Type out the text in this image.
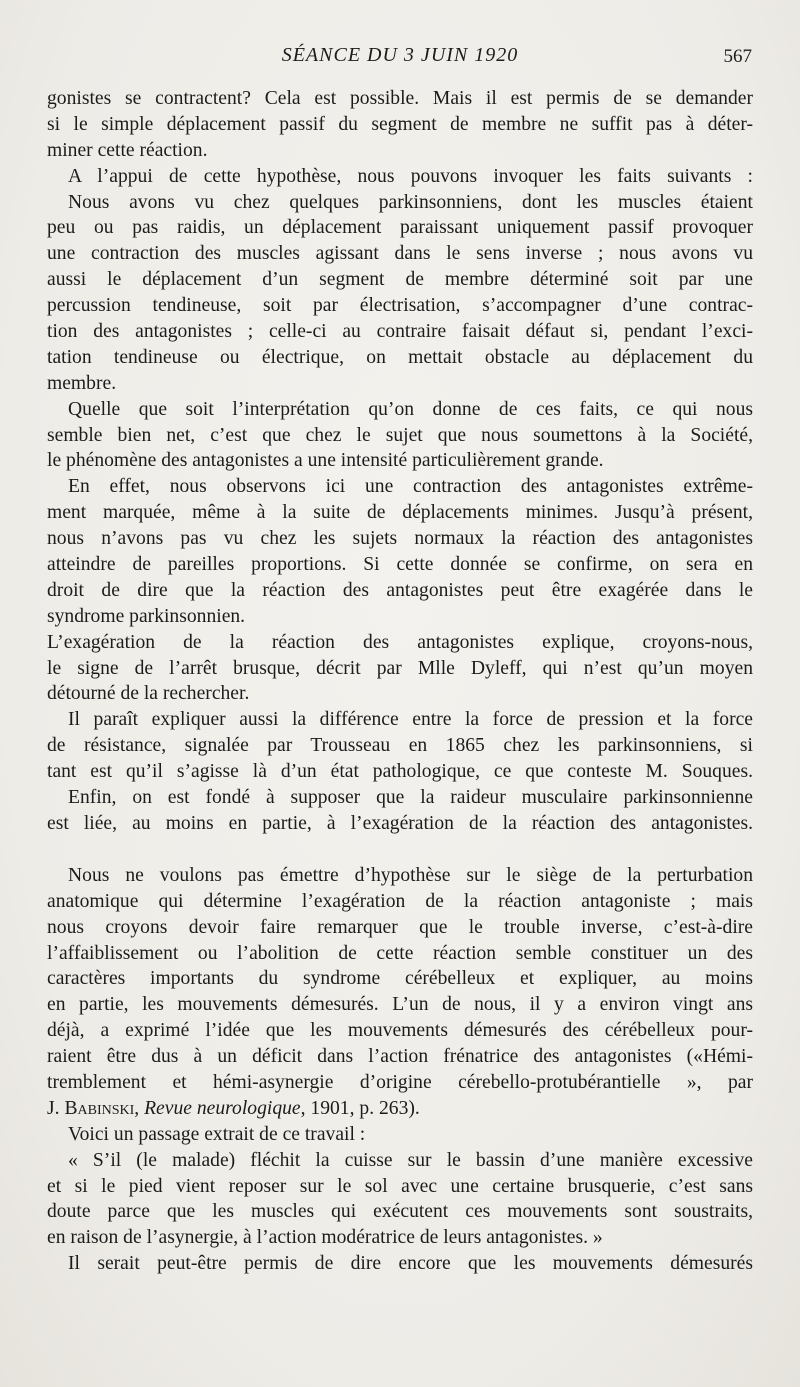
SÉANCE DU 3 JUIN 1920	567
gonistes se contractent? Cela est possible. Mais il est permis de se demander
si le simple déplacement passif du segment de membre ne suffit pas à déter-
miner cette réaction.
A l’appui de cette hypothèse, nous pouvons invoquer les faits suivants :
Nous avons vu chez quelques parkinsonniens, dont les muscles étaient
peu ou pas raidis, un déplacement paraissant uniquement passif provoquer
une contraction des muscles agissant dans le sens inverse ; nous avons vu
aussi le déplacement d’un segment de membre déterminé soit par une
percussion tendineuse, soit par électrisation, s’accompagner d’une contrac-
tion des antagonistes ; celle-ci au contraire faisait défaut si, pendant l’exci-
tation tendineuse ou électrique, on mettait obstacle au déplacement du
membre.
Quelle que soit l’interprétation qu’on donne de ces faits, ce qui nous
semble bien net, c’est que chez le sujet que nous soumettons à la Société,
le phénomène des antagonistes a une intensité particulièrement grande.
En effet, nous observons ici une contraction des antagonistes extrême-
ment marquée, même à la suite de déplacements minimes. Jusqu’à présent,
nous n’avons pas vu chez les sujets normaux la réaction des antagonistes
atteindre de pareilles proportions. Si cette donnée se confirme, on sera en
droit de dire que la réaction des antagonistes peut être exagérée dans le
syndrome parkinsonnien.
L’exagération de la réaction des antagonistes explique, croyons-nous,
le signe de l’arrêt brusque, décrit par Mlle Dyleff, qui n’est qu’un moyen
détourné de la rechercher.
Il paraît expliquer aussi la différence entre la force de pression et la force
de résistance, signalée par Trousseau en 1865 chez les parkinsonniens, si
tant est qu’il s’agisse là d’un état pathologique, ce que conteste M. Souques.
Enfin, on est fondé à supposer que la raideur musculaire parkinsonnienne
est liée, au moins en partie, à l’exagération de la réaction des antagonistes.
Nous ne voulons pas émettre d’hypothèse sur le siège de la perturbation
anatomique qui détermine l’exagération de la réaction antagoniste ; mais
nous croyons devoir faire remarquer que le trouble inverse, c’est-à-dire
l’affaiblissement ou l’abolition de cette réaction semble constituer un des
caractères importants du syndrome cérébelleux et expliquer, au moins
en partie, les mouvements démesurés. L’un de nous, il y a environ vingt ans
déjà, a exprimé l’idée que les mouvements démesurés des cérébelleux pour-
raient être dus à un déficit dans l’action frénatrice des antagonistes («Hémi-
tremblement et hémi-asynergie d’origine cérebello-protubérantielle », par
J. Babinski, Revue neurologique, 1901, p. 263).
Voici un passage extrait de ce travail :
« S’il (le malade) fléchit la cuisse sur le bassin d’une manière excessive
et si le pied vient reposer sur le sol avec une certaine brusquerie, c’est sans
doute parce que les muscles qui exécutent ces mouvements sont soustraits,
en raison de l’asynergie, à l’action modératrice de leurs antagonistes. »
Il serait peut-être permis de dire encore que les mouvements démesurés
